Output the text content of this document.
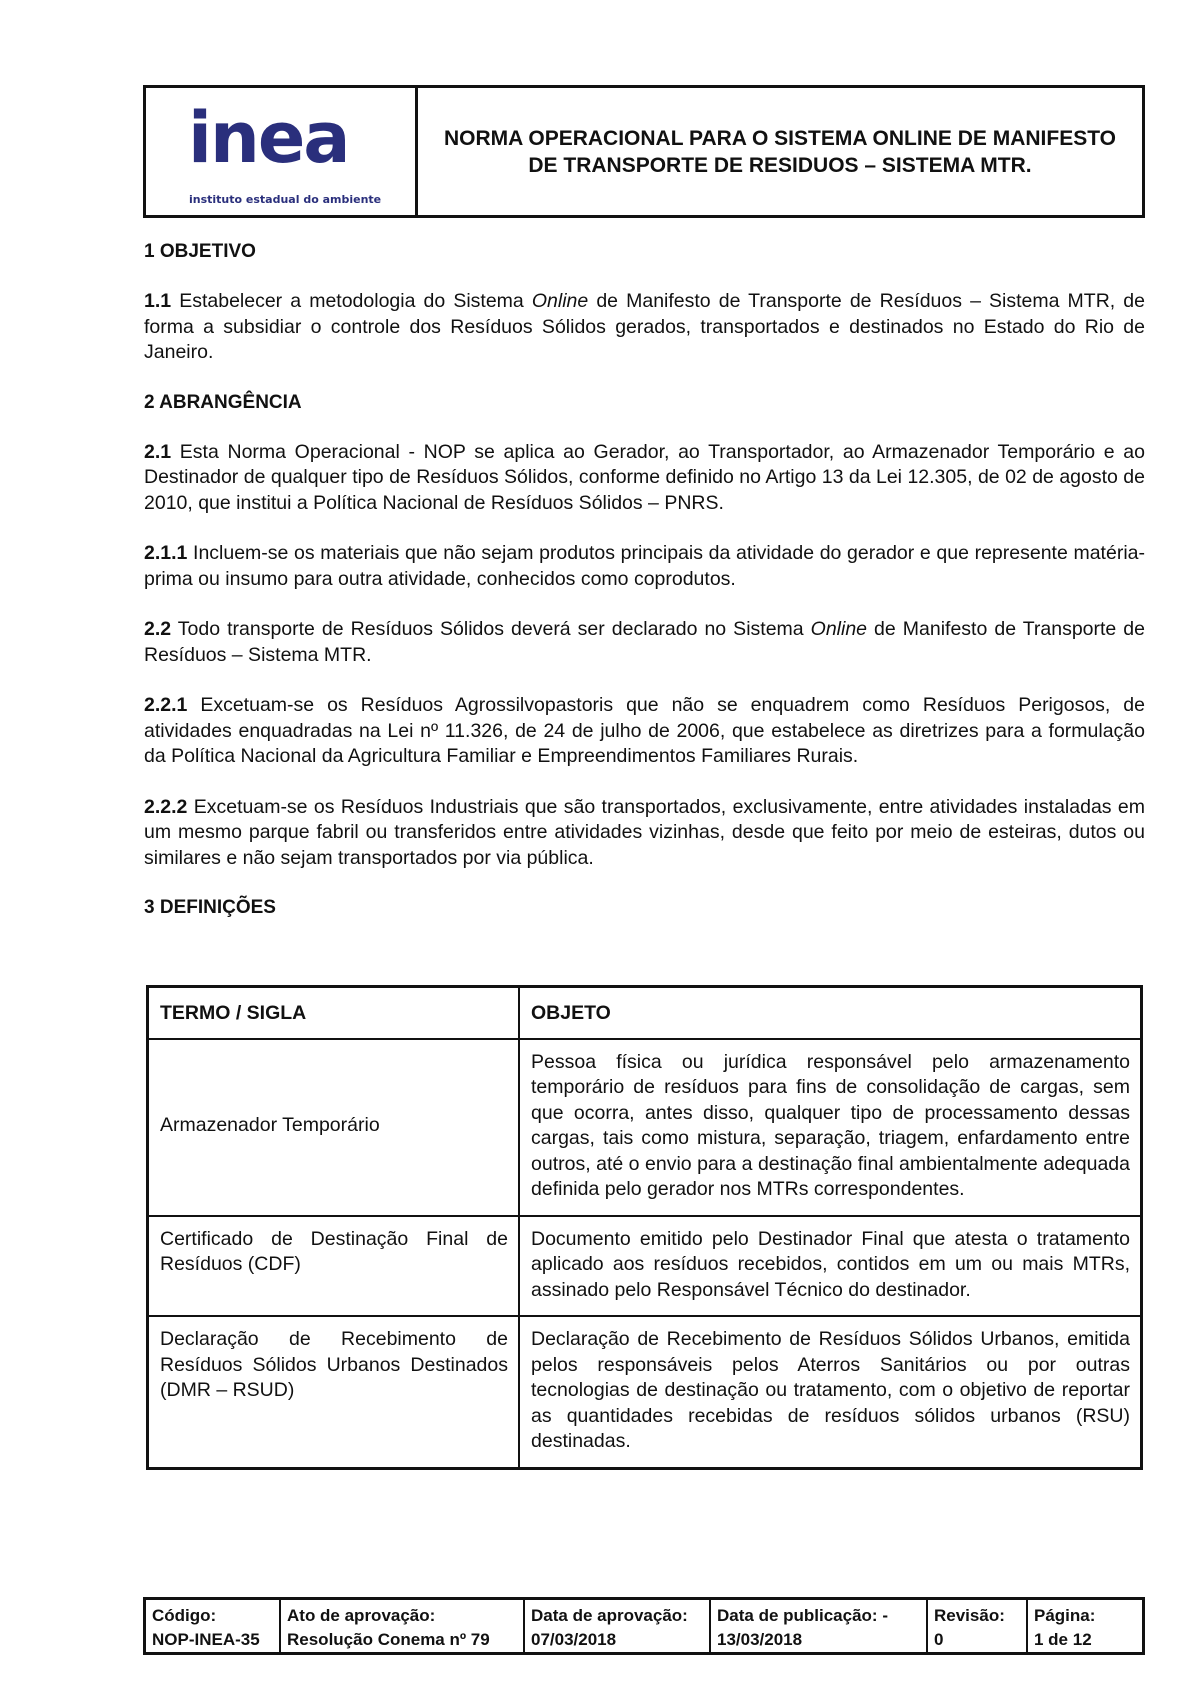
inea
instituto estadual do ambiente
NORMA OPERACIONAL PARA O SISTEMA ONLINE DE MANIFESTO DE TRANSPORTE DE RESIDUOS – SISTEMA MTR.
1 OBJETIVO

1.1 Estabelecer a metodologia do Sistema Online de Manifesto de Transporte de Resíduos – Sistema MTR, de forma a subsidiar o controle dos Resíduos Sólidos gerados, transportados e destinados no Estado do Rio de Janeiro.

2 ABRANGÊNCIA

2.1 Esta Norma Operacional - NOP se aplica ao Gerador, ao Transportador, ao Armazenador Temporário e ao Destinador de qualquer tipo de Resíduos Sólidos, conforme definido no Artigo 13 da Lei 12.305, de 02 de agosto de 2010, que institui a Política Nacional de Resíduos Sólidos – PNRS.

2.1.1 Incluem-se os materiais que não sejam produtos principais da atividade do gerador e que represente matéria-prima ou insumo para outra atividade, conhecidos como coprodutos.

2.2 Todo transporte de Resíduos Sólidos deverá ser declarado no Sistema Online de Manifesto de Transporte de Resíduos – Sistema MTR.

2.2.1 Excetuam-se os Resíduos Agrossilvopastoris que não se enquadrem como Resíduos Perigosos, de atividades enquadradas na Lei nº 11.326, de 24 de julho de 2006, que estabelece as diretrizes para a formulação da Política Nacional da Agricultura Familiar e Empreendimentos Familiares Rurais.

2.2.2 Excetuam-se os Resíduos Industriais que são transportados, exclusivamente, entre atividades instaladas em um mesmo parque fabril ou transferidos entre atividades vizinhas, desde que feito por meio de esteiras, dutos ou similares e não sejam transportados por via pública.

3 DEFINIÇÕES
TERMO / SIGLA	OBJETO
Armazenador Temporário	Pessoa física ou jurídica responsável pelo armazenamento temporário de resíduos para fins de consolidação de cargas, sem que ocorra, antes disso, qualquer tipo de processamento dessas cargas, tais como mistura, separação, triagem, enfardamento entre outros, até o envio para a destinação final ambientalmente adequada definida pelo gerador nos MTRs correspondentes.
Certificado de Destinação Final de Resíduos (CDF)	Documento emitido pelo Destinador Final que atesta o tratamento aplicado aos resíduos recebidos, contidos em um ou mais MTRs, assinado pelo Responsável Técnico do destinador.
Declaração de Recebimento de Resíduos Sólidos Urbanos Destinados (DMR – RSUD)	Declaração de Recebimento de Resíduos Sólidos Urbanos, emitida pelos responsáveis pelos Aterros Sanitários ou por outras tecnologias de destinação ou tratamento, com o objetivo de reportar as quantidades recebidas de resíduos sólidos urbanos (RSU) destinadas.
Código:
NOP-INEA-35
Ato de aprovação:
Resolução Conema nº 79
Data de aprovação:
07/03/2018
Data de publicação: -
13/03/2018
Revisão:
0
Página:
1 de 12
